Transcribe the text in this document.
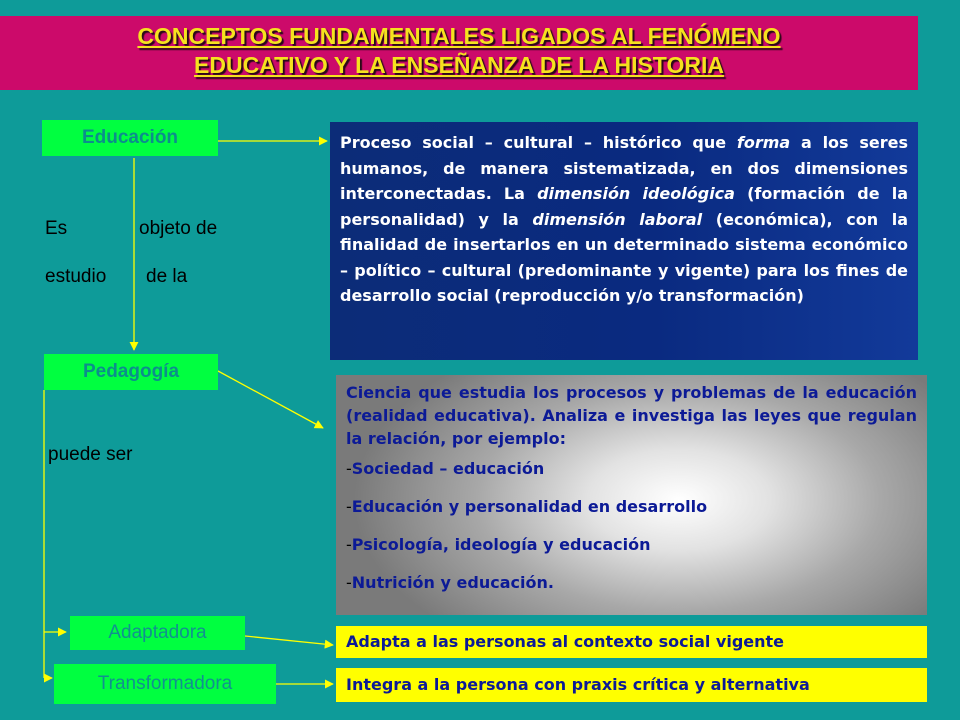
CONCEPTOS FUNDAMENTALES LIGADOS AL FENÓMENO
EDUCATIVO Y LA ENSEÑANZA DE LA HISTORIA
Educación
Pedagogía
Adaptadora
Transformadora
Es	objeto de
estudio de la
puede ser
Proceso social – cultural – histórico que forma a los seres humanos, de manera sistematizada, en dos dimensiones interconectadas. La dimensión ideológica (formación de la personalidad) y la dimensión laboral (económica), con la finalidad de insertarlos en un determinado sistema económico – político – cultural (predominante y vigente) para los fines de desarrollo social (reproducción y/o transformación)
Ciencia que estudia los procesos y problemas de la educación (realidad educativa). Analiza e investiga las leyes que regulan la relación, por ejemplo:
-Sociedad – educación
-Educación y personalidad en desarrollo
-Psicología, ideología y educación
-Nutrición y educación.
Adapta a las personas al contexto social vigente
Integra a la persona con praxis crítica y alternativa
